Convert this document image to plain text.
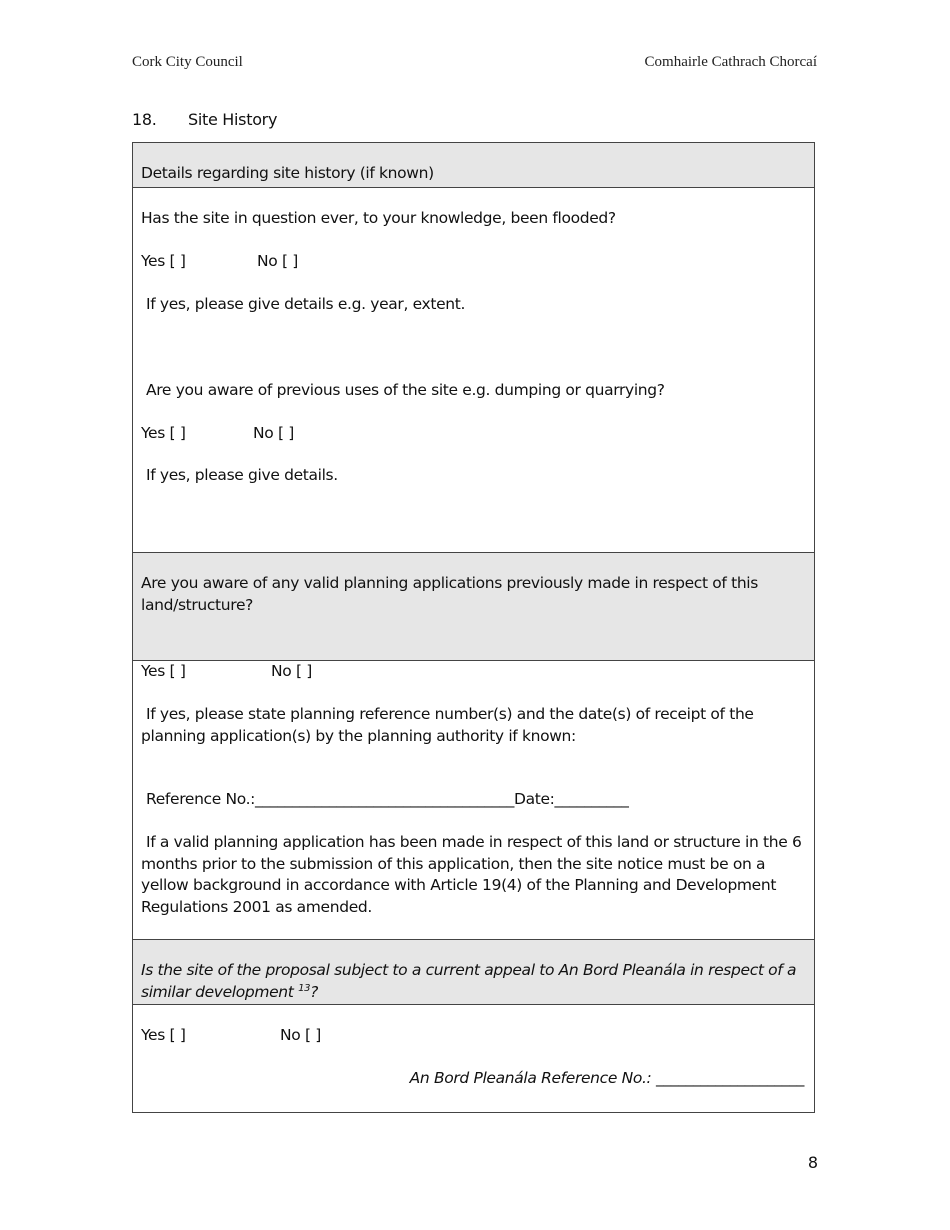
Cork City Council	Comhairle Cathrach Chorcaí
18. Site History
Details regarding site history (if known)
Has the site in question ever, to your knowledge, been flooded?
Yes [ ]	No [ ]
If yes, please give details e.g. year, extent.
Are you aware of previous uses of the site e.g. dumping or quarrying?
Yes [ ]	No [ ]
If yes, please give details.
Are you aware of any valid planning applications previously made in respect of this land/structure?
Yes [ ]	No [ ]
If yes, please state planning reference number(s) and the date(s) of receipt of the planning application(s) by the planning authority if known:
Reference No.:___________________________________Date:__________
If a valid planning application has been made in respect of this land or structure in the 6 months prior to the submission of this application, then the site notice must be on a yellow background in accordance with Article 19(4) of the Planning and Development Regulations 2001 as amended.
Is the site of the proposal subject to a current appeal to An Bord Pleanála in respect of a similar development $^{13}$?
Yes [ ]	No [ ]
An Bord Pleanála Reference No.: ____________________
8
